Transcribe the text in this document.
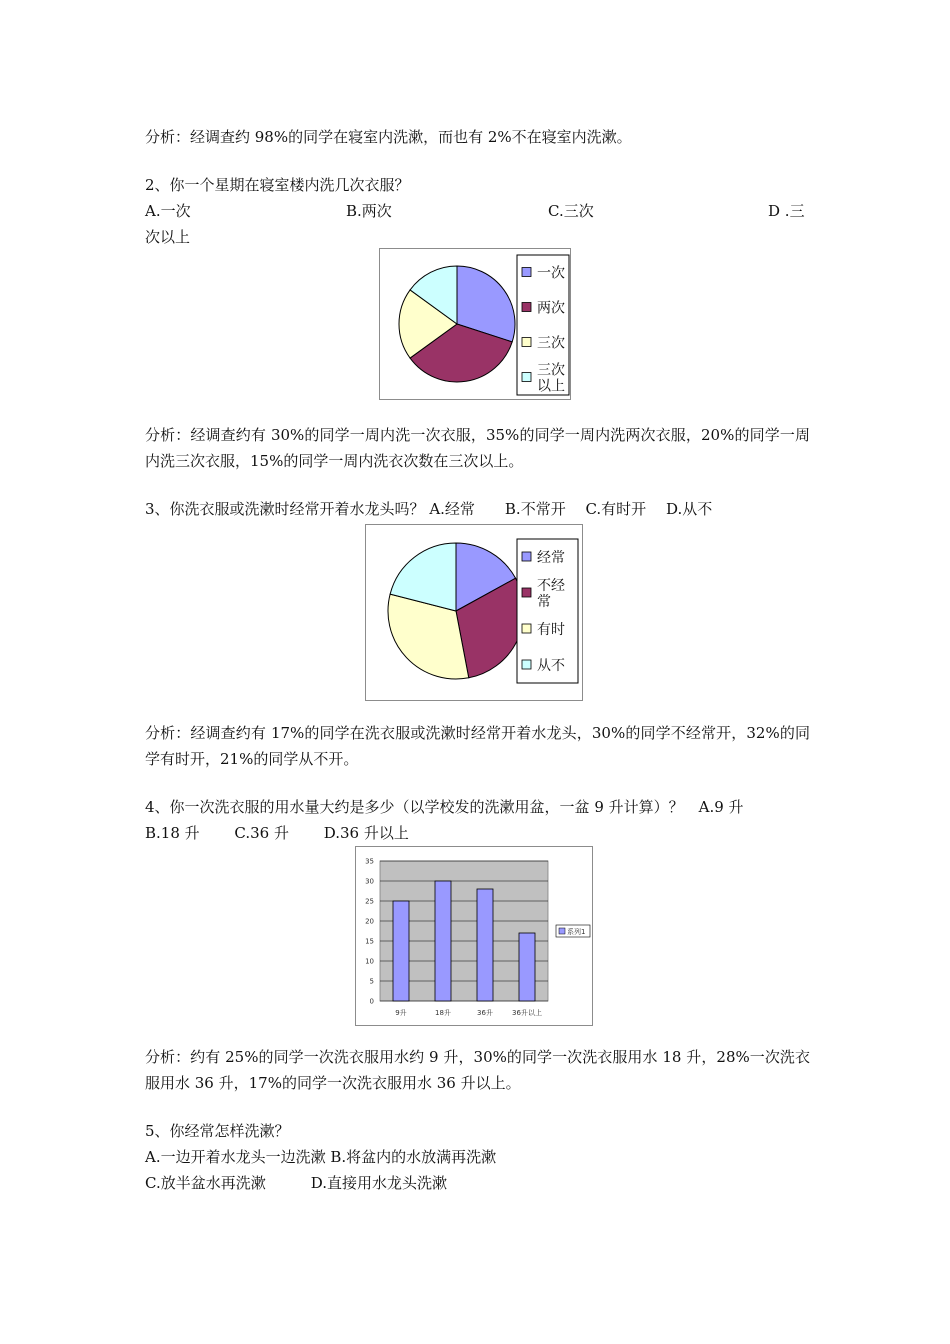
分析：经调查约 98%的同学在寝室内洗漱，而也有 2%不在寝室内洗漱。

2、你一个星期在寝室楼内洗几次衣服？

A.一次	B.两次	C.三次	D .三
次以上
一次
两次
三次
三次以上

分析：经调查约有 30%的同学一周内洗一次衣服，35%的同学一周内洗两次衣服，20%的同学一周内洗三次衣服，15%的同学一周内洗衣次数在三次以上。

3、你洗衣服或洗漱时经常开着水龙头吗？ A.经常　　B.不常开　 C.有时开　 D.从不

经常
不经常
有时
从不

分析：经调查约有 17%的同学在洗衣服或洗漱时经常开着水龙头，30%的同学不经常开，32%的同学有时开，21%的同学从不开。

4、你一次洗衣服的用水量大约是多少（以学校发的洗漱用盆，一盆 9 升计算）？　A.9 升

B.18 升　　 C.36 升　　 D.36 升以上

0
5
10
15
20
25
30
35
9升	18升	36升	36升以上
系列1

分析：约有 25%的同学一次洗衣服用水约 9 升，30%的同学一次洗衣服用水 18 升，28%一次洗衣服用水 36 升，17%的同学一次洗衣服用水 36 升以上。

5、你经常怎样洗漱？

A.一边开着水龙头一边洗漱 B.将盆内的水放满再洗漱

C.放半盆水再洗漱　　　D.直接用水龙头洗漱
